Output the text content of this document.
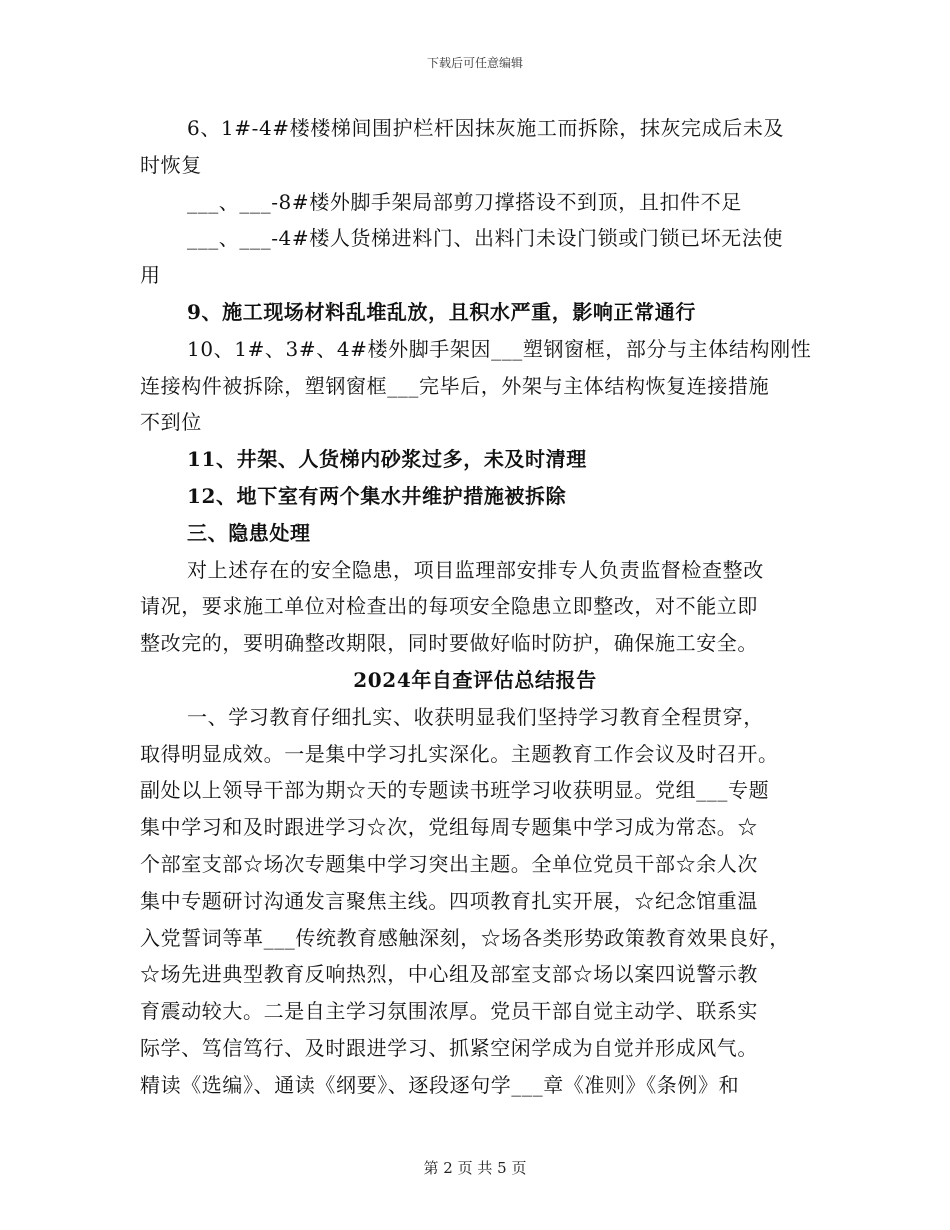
下载后可任意编辑
6、1#-4#楼楼梯间围护栏杆因抹灰施工而拆除，抹灰完成后未及
时恢复
___、___-8#楼外脚手架局部剪刀撑搭设不到顶，且扣件不足
___、___-4#楼人货梯进料门、出料门未设门锁或门锁已坏无法使
用
9、施工现场材料乱堆乱放，且积水严重，影响正常通行
10、1#、3#、4#楼外脚手架因___塑钢窗框，部分与主体结构刚性
连接构件被拆除，塑钢窗框___完毕后，外架与主体结构恢复连接措施
不到位
11、井架、人货梯内砂浆过多，未及时清理
12、地下室有两个集水井维护措施被拆除
三、隐患处理
对上述存在的安全隐患，项目监理部安排专人负责监督检查整改
请况，要求施工单位对检查出的每项安全隐患立即整改，对不能立即
整改完的，要明确整改期限，同时要做好临时防护，确保施工安全。
2024年自查评估总结报告
一、学习教育仔细扎实、收获明显我们坚持学习教育全程贯穿，
取得明显成效。一是集中学习扎实深化。主题教育工作会议及时召开。
副处以上领导干部为期☆天的专题读书班学习收获明显。党组___专题
集中学习和及时跟进学习☆次，党组每周专题集中学习成为常态。☆
个部室支部☆场次专题集中学习突出主题。全单位党员干部☆余人次
集中专题研讨沟通发言聚焦主线。四项教育扎实开展，☆纪念馆重温
入党誓词等革___传统教育感触深刻，☆场各类形势政策教育效果良好，
☆场先进典型教育反响热烈，中心组及部室支部☆场以案四说警示教
育震动较大。二是自主学习氛围浓厚。党员干部自觉主动学、联系实
际学、笃信笃行、及时跟进学习、抓紧空闲学成为自觉并形成风气。
精读《选编》、通读《纲要》、逐段逐句学___章《准则》《条例》和
第 2 页 共 5 页
